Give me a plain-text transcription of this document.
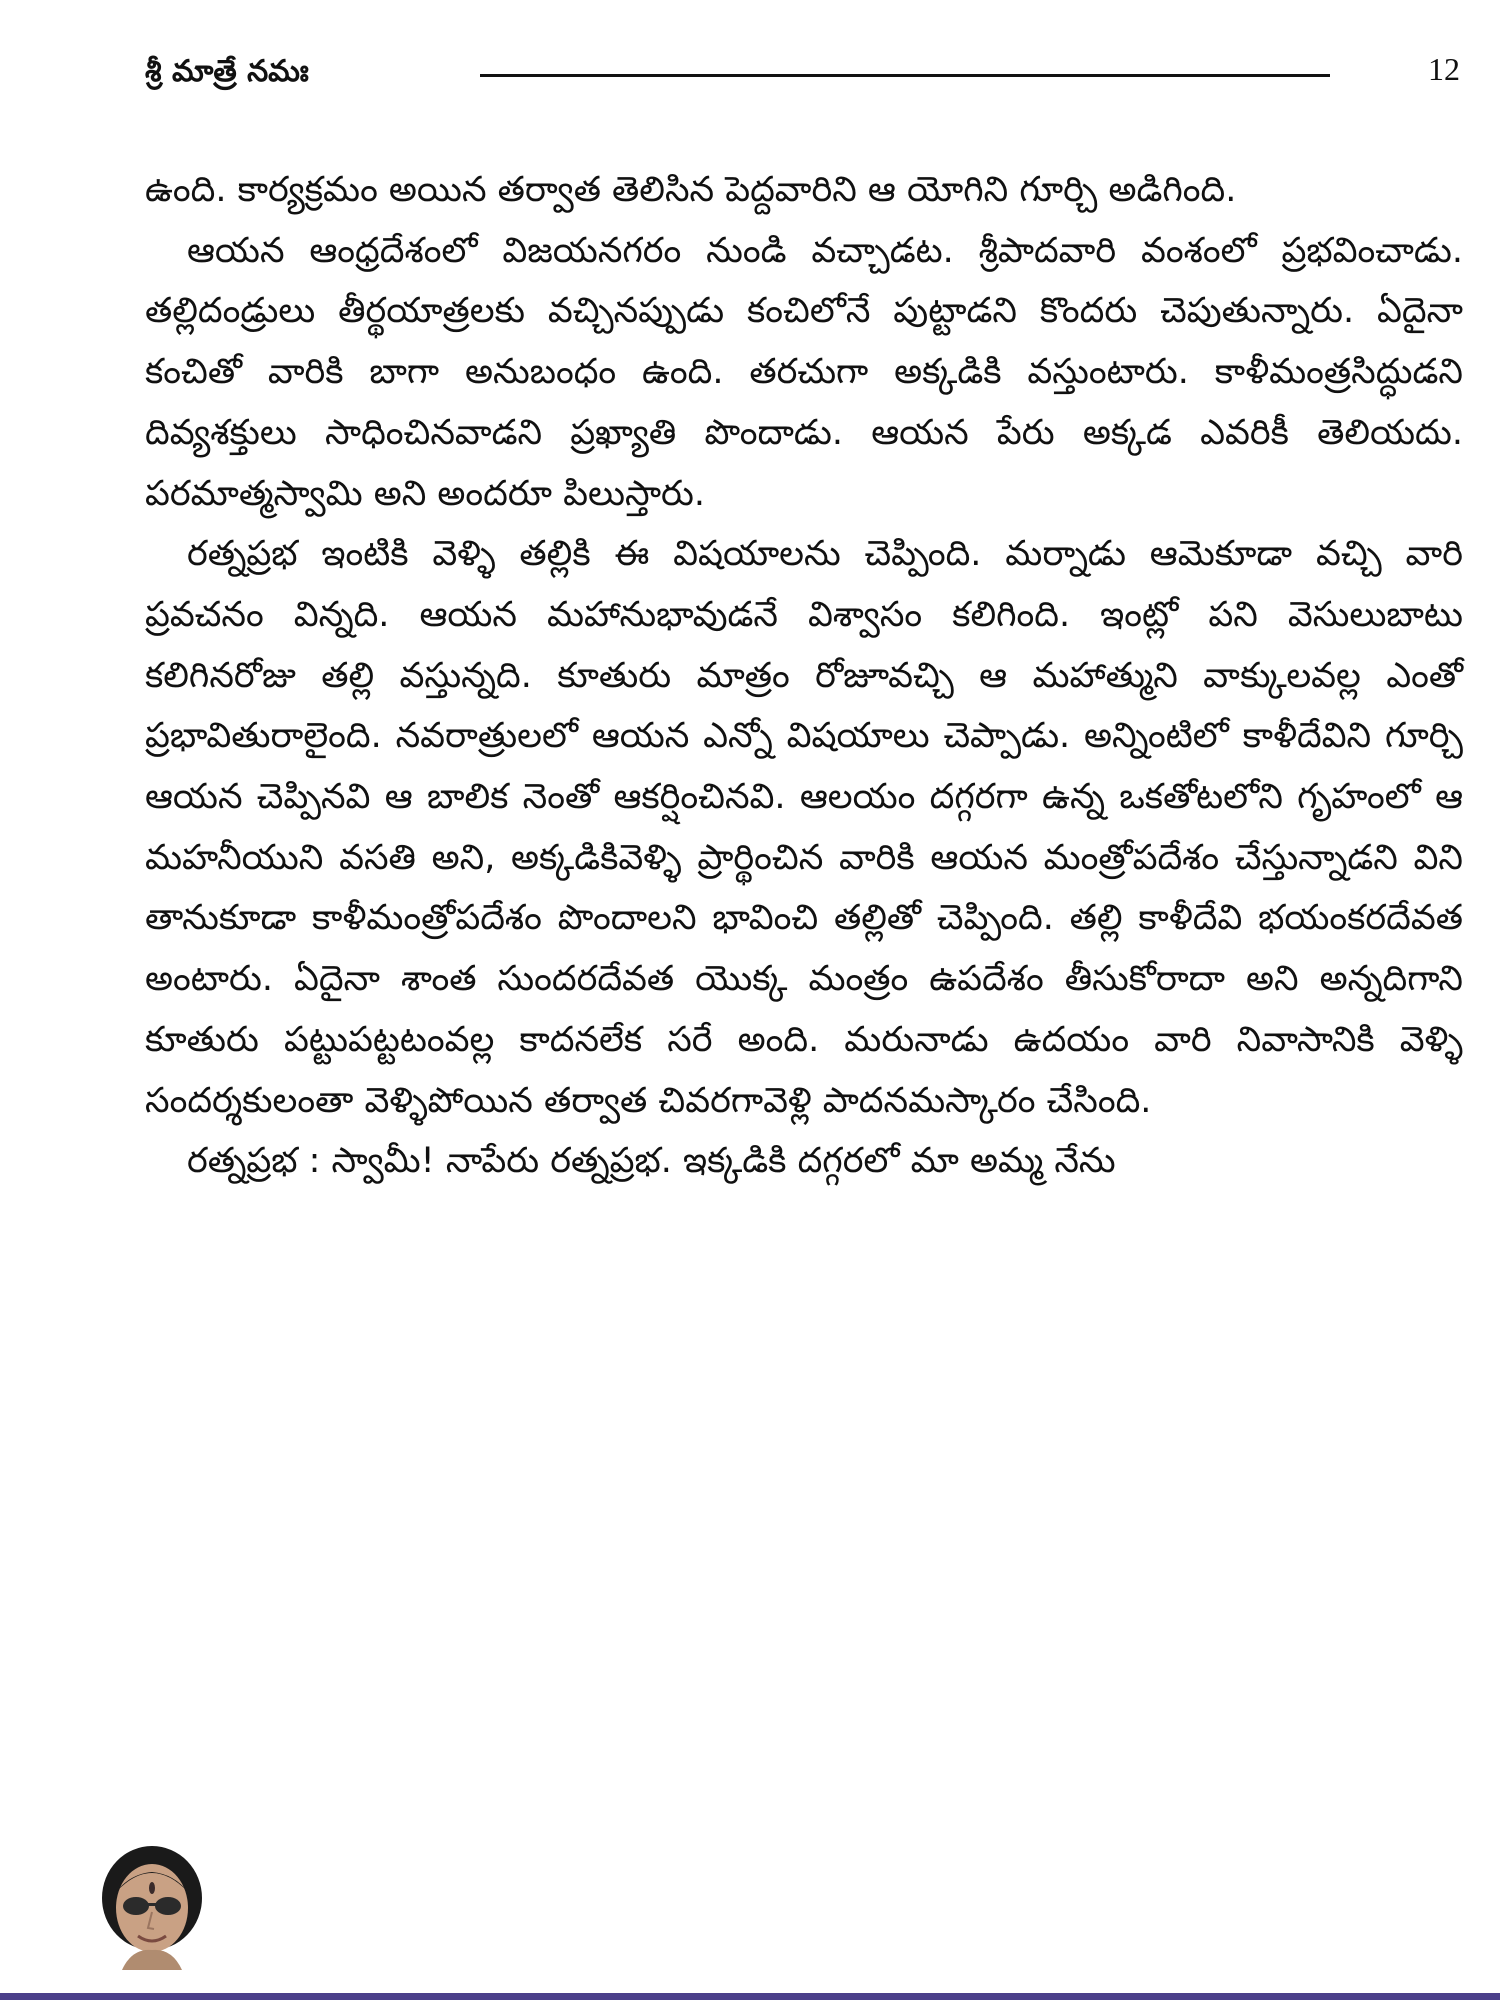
శ్రీ మాత్రే నమః	12

ఉంది. కార్యక్రమం అయిన తర్వాత తెలిసిన పెద్దవారిని ఆ యోగిని గూర్చి అడిగింది.

ఆయన ఆంధ్రదేశంలో విజయనగరం నుండి వచ్చాడట. శ్రీపాదవారి వంశంలో ప్రభవించాడు. తల్లిదండ్రులు తీర్థయాత్రలకు వచ్చినప్పుడు కంచిలోనే పుట్టాడని కొందరు చెపుతున్నారు. ఏదైనా కంచితో వారికి బాగా అనుబంధం ఉంది. తరచుగా అక్కడికి వస్తుంటారు. కాళీమంత్రసిద్ధుడని దివ్యశక్తులు సాధించినవాడని ప్రఖ్యాతి పొందాడు. ఆయన పేరు అక్కడ ఎవరికీ తెలియదు. పరమాత్మస్వామి అని అందరూ పిలుస్తారు.

రత్నప్రభ ఇంటికి వెళ్ళి తల్లికి ఈ విషయాలను చెప్పింది. మర్నాడు ఆమెకూడా వచ్చి వారి ప్రవచనం విన్నది. ఆయన మహానుభావుడనే విశ్వాసం కలిగింది. ఇంట్లో పని వెసులుబాటు కలిగినరోజు తల్లి వస్తున్నది. కూతురు మాత్రం రోజూవచ్చి ఆ మహాత్ముని వాక్కులవల్ల ఎంతో ప్రభావితురాలైంది. నవరాత్రులలో ఆయన ఎన్నో విషయాలు చెప్పాడు. అన్నింటిలో కాళీదేవిని గూర్చి ఆయన చెప్పినవి ఆ బాలిక నెంతో ఆకర్షించినవి. ఆలయం దగ్గరగా ఉన్న ఒకతోటలోని గృహంలో ఆ మహనీయుని వసతి అని, అక్కడికివెళ్ళి ప్రార్థించిన వారికి ఆయన మంత్రోపదేశం చేస్తున్నాడని విని తానుకూడా కాళీమంత్రోపదేశం పొందాలని భావించి తల్లితో చెప్పింది. తల్లి కాళీదేవి భయంకరదేవత అంటారు. ఏదైనా శాంత సుందరదేవత యొక్క మంత్రం ఉపదేశం తీసుకోరాదా అని అన్నదిగాని కూతురు పట్టుపట్టటంవల్ల కాదనలేక సరే అంది. మరునాడు ఉదయం వారి నివాసానికి వెళ్ళి సందర్శకులంతా వెళ్ళిపోయిన తర్వాత చివరగావెళ్లి పాదనమస్కారం చేసింది.

రత్నప్రభ : స్వామీ! నాపేరు రత్నప్రభ. ఇక్కడికి దగ్గరలో మా అమ్మ నేను
